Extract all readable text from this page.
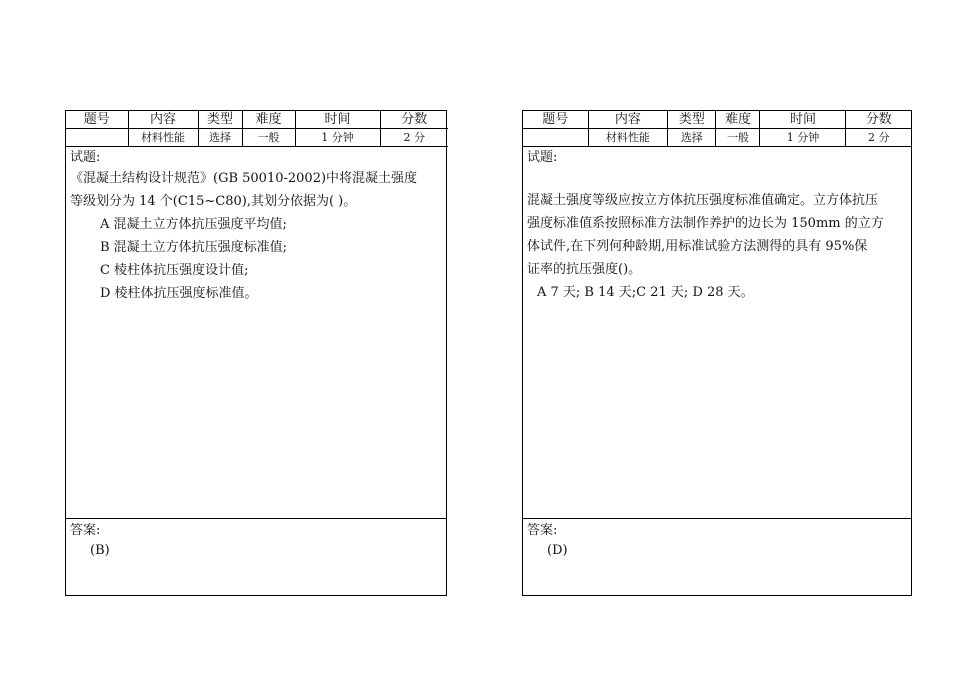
题号	内容	类型	难度	时间	分数
	材料性能	选择	一般	1 分钟	2 分
试题:
《混凝土结构设计规范》(GB 50010-2002)中将混凝土强度
等级划分为 14 个(C15~C80),其划分依据为( )。
A 混凝土立方体抗压强度平均值;
B 混凝土立方体抗压强度标准值;
C 棱柱体抗压强度设计值;
D 棱柱体抗压强度标准值。
答案:
(B)
题号	内容	类型	难度	时间	分数
	材料性能	选择	一般	1 分钟	2 分
试题:
混凝土强度等级应按立方体抗压强度标准值确定。立方体抗压
强度标准值系按照标准方法制作养护的边长为 150mm 的立方
体试件,在下列何种龄期,用标准试验方法测得的具有 95%保
证率的抗压强度()。
A 7 天; B 14 天;C 21 天; D 28 天。
答案:
(D)
